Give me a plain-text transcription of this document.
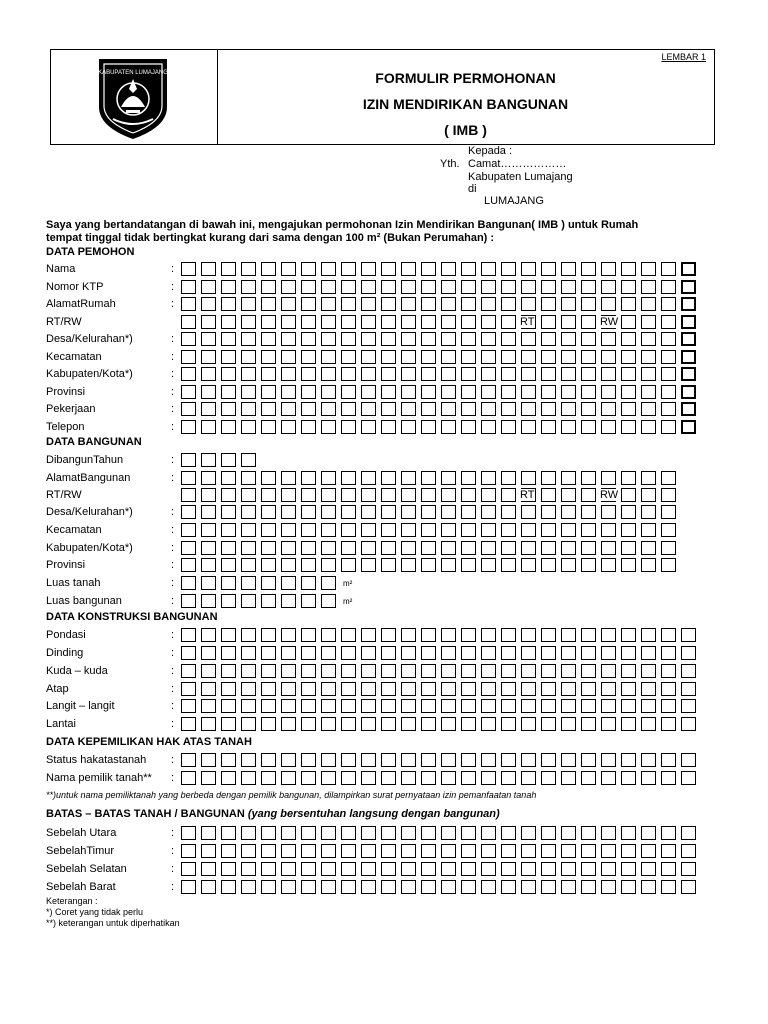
KABUPATEN LUMAJANG
LEMBAR 1
FORMULIR PERMOHONAN
IZIN MENDIRIKAN BANGUNAN
( IMB )
Kepada :
Yth. Camat………………
Kabupaten Lumajang
di
LUMAJANG
Saya yang bertandatangan di bawah ini, mengajukan permohonan Izin Mendirikan Bangunan( IMB ) untuk Rumah
tempat tinggal tidak bertingkat kurang dari sama dengan 100 m² (Bukan Perumahan) :
DATA PEMOHON
Nama	:
Nomor KTP	:
AlamatRumah	:
RT/RW	RT	RW
Desa/Kelurahan*)	:
Kecamatan	:
Kabupaten/Kota*)	:
Provinsi	:
Pekerjaan	:
Telepon	:
DATA BANGUNAN
DibangunTahun	:
AlamatBangunan	:
RT/RW	RT	RW
Desa/Kelurahan*)	:
Kecamatan	:
Kabupaten/Kota*)	:
Provinsi	:
Luas tanah	:	m²
Luas bangunan	:	m²
DATA KONSTRUKSI BANGUNAN
Pondasi	:
Dinding	:
Kuda – kuda	:
Atap	:
Langit – langit	:
Lantai	:
DATA KEPEMILIKAN HAK ATAS TANAH
Status hakatastanah :
Nama pemilik tanah** :
Sebelah Utara	:
SebelahTimur	:
Sebelah Selatan	:
Sebelah Barat	:
**)untuk nama pemiliktanah yang berbeda dengan pemilik bangunan, dilampirkan surat pernyataan izin pemanfaatan tanah
BATAS – BATAS TANAH / BANGUNAN (yang bersentuhan langsung dengan bangunan)
Keterangan :
*) Coret yang tidak perlu
**) keterangan untuk diperhatikan
